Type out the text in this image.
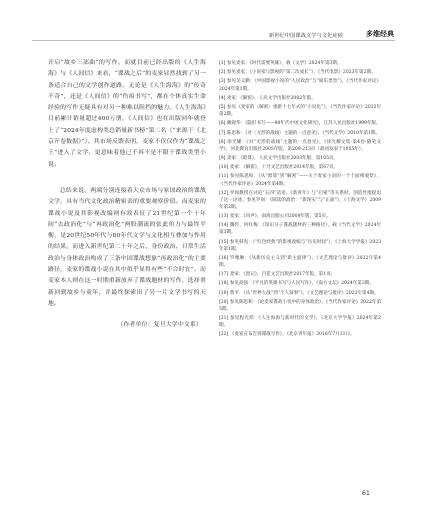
新世纪中国谍战文学与文化症候	多维经典

开启“故乡三部曲”的写作。而就目前已经出版的《人生海海》与《人间信》来看，“谍战之后”的麦家显然找到了另一条适合自己的文学创作道路。无论是《人生海海》的“传奇不奇”，还是《人间信》的“伤痕书写”，都在个体真实生命经验的写作无疑具有对另一种难以阻挡的魅力。《人生海海》目前累计销量超过400万册，《人间信》也在出版同年就登上了“2024年度虚构类总销量新书榜”第二名（“来源于《北京开卷数据》”）。其市场反馈表明，麦家不仅仅作为“谍战之王”进入了文学，更意味着他已不再不是不限于谍战类型小说。

总结来说，两端分别连接着大众市场与家国政治的谍战文学，具有当代文化政治精密表的重要观察价值。而麦家的谍战小说及其影视改编则有效表征了21世纪第一个十年间“去政治化”与“再政治化”两股潮流的张此角力与最终平衡，是20世纪50年代与80年代文学与文化相互叠加与作用的结果。而进入新世纪第二十年之后，身份政治、日常生活政治与身体政治构成了三条中国谍战想象“再政治化”的主要路径，麦家的谍战小说在其中似乎显得有些“不合时宜”。而麦家本人则在这一时期重新放弃了谍战题材的写作，选择重新回到故乡与童年，并最终探索出了另一片文学书写的天地。

（作者单位：复旦大学中文系）

[1] 参见麦家：《时代需要英雄》，载《文学》2024年第3期。

[2] 参见麦家：《小说家与影视的“第二次成长”》，《当代电影》2023年第2期。

[3] 参见吴义勤：《中国影视小说的“人民政治”与“娱乐类型”》，《当代作家评论》2024年第1期。

[4] 麦家：《解密》，人民文学出版社2002年版。

[5] 参见《麦家的〈解密〉重新十七年式的“小说化”》，《当代作家评论》2023年第2期。

[6] 戴锦华：《隐形书写——90年代中国文化研究》，江苏人民出版社1999年版。

[7] 陈思和：《对〈无形的战线〉主题的一点意见》，《当代文学》2010年第1期。

[8] 徐光耀：《对“无形的战线”主题的一点意见》，《徐光耀文集·第4卷·随笔文学》，河北教育出版社2005年版，第209-213页（最初发表于1955年）。

[9] 麦家：《暗算》，人民文学出版社2003年版，第105页。

[10] 麦家：《解密》，十月文艺出版社2014年版，第67页。

[11] 参见陈思和：《从“暗算”到“解密”——关于麦家小说的一个个面相观察》，《当代作家评论》2024年第4期。

[12] 罗岗教授在讨论“五四”话语、《新青年》与“启蒙”等关系时，创造性地提出了这一论述。参见罗岗：《阅读的政治：“新现实”与“正面”》，《上海文学》2009年第2期。

[13] 麦家：《风声》，南海出版公司2009年版，第5页。

[14] 魏传、何红梅：《知识分子谍战题材的三种路径》，载《当代文学》2024年第3期。

[15] 参见韩夷：《“红色经典”的影视改编与“历史时间”》，《上海大学学报》2023年第1期。

[16] 罗雅琳：《从新历史主义到“新主旋律”》，《文艺理论与批评》2022年第4期。

[17] 麦家：《黑记》，百花文艺出版社2017年版，第1页。

[18] 参见高强：《平凡的英雄书写与人民写作》，《南方文坛》2024年第3期。

[19] 黄平：《从“世界大战”到“个人叙事”》，《文艺理论与批评》2023年第4期。

[20] 参见陈思和：《论麦家谍战小说中的身体政治》，《当代作家评论》2022年第5期。

[21] 参见程光炜：《人生海海与新时代的文学》，《北京大学学报》2024年第2期。

[22] 《麦家宣布告别谍战写作》，《北京青年报》2016年7月31日。

61
